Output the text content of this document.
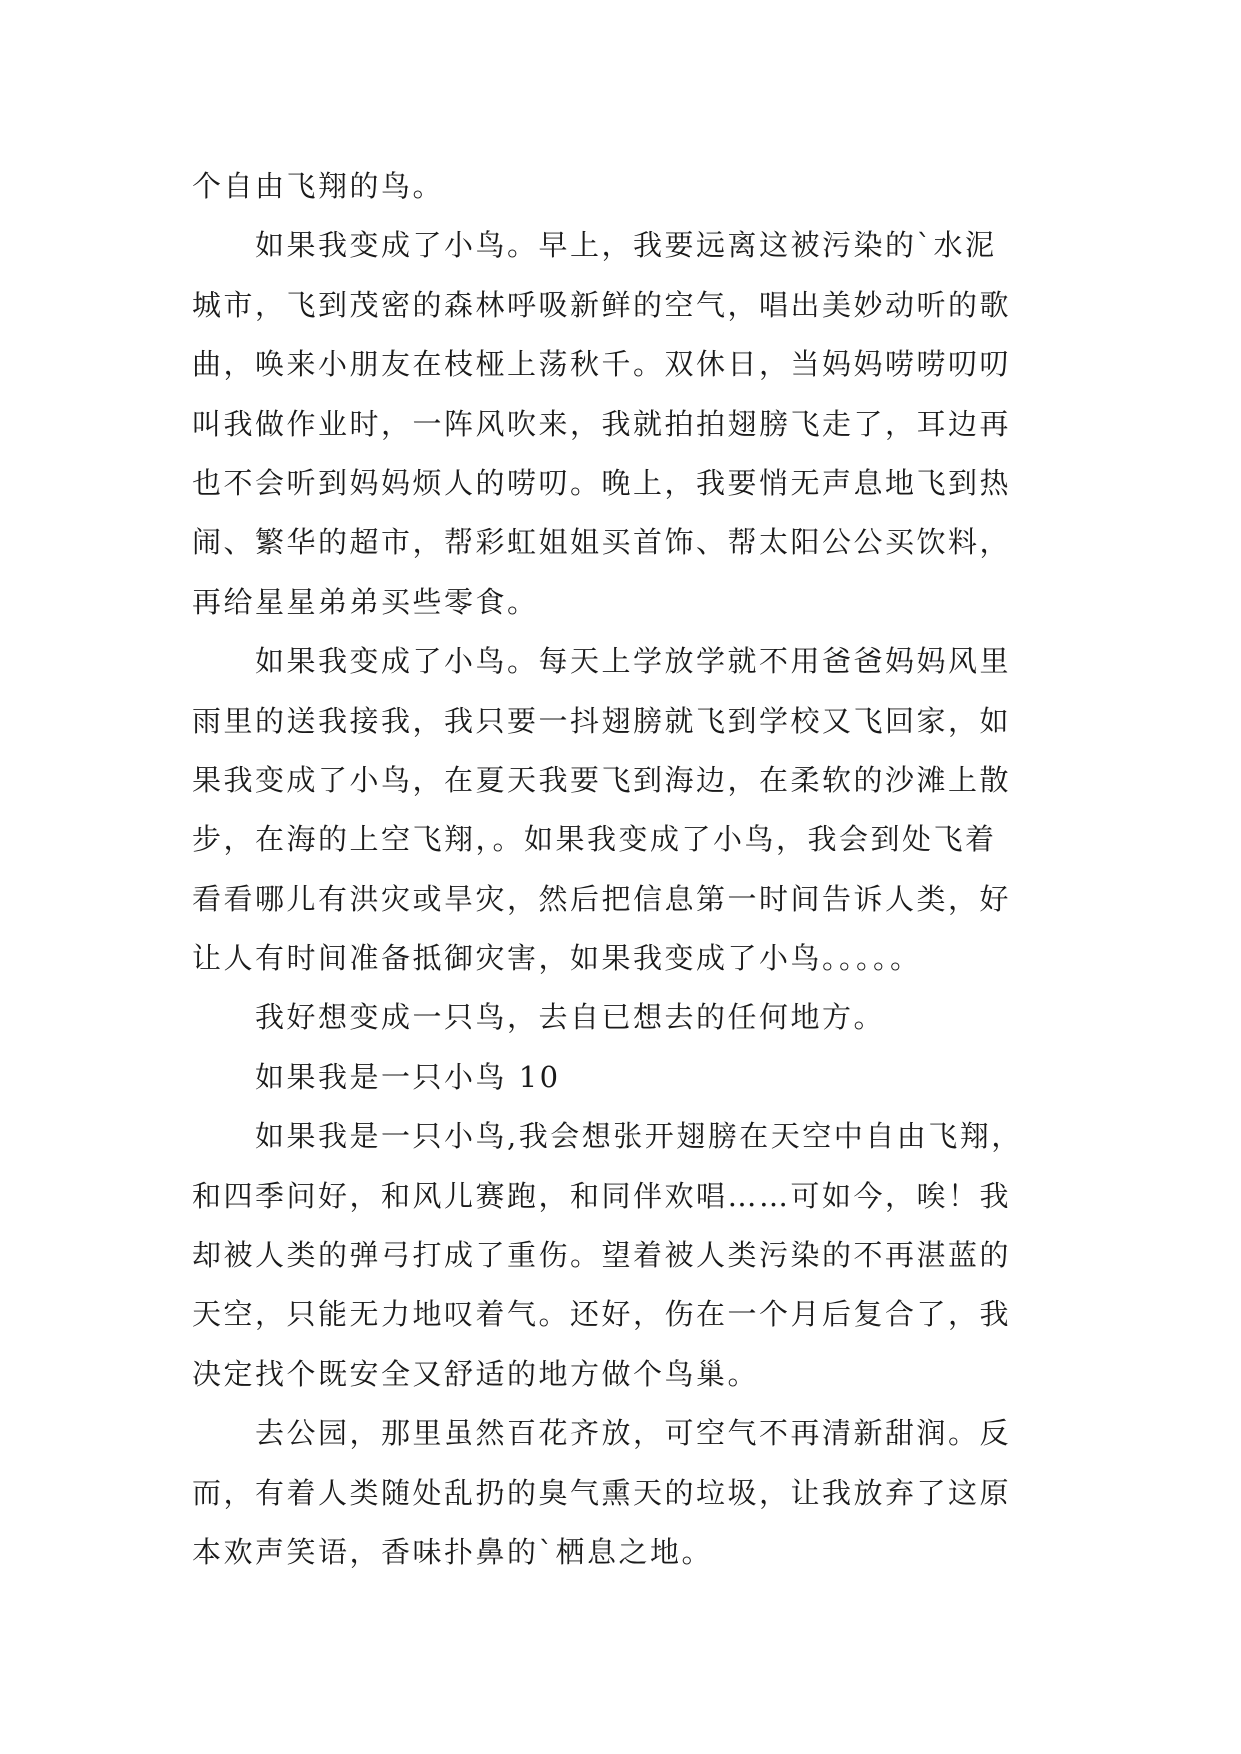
个自由飞翔的鸟。
如果我变成了小鸟。早上，我要远离这被污染的`水泥
城市，飞到茂密的森林呼吸新鲜的空气，唱出美妙动听的歌
曲，唤来小朋友在枝桠上荡秋千。双休日，当妈妈唠唠叨叨
叫我做作业时，一阵风吹来，我就拍拍翅膀飞走了，耳边再
也不会听到妈妈烦人的唠叨。晚上，我要悄无声息地飞到热
闹、繁华的超市，帮彩虹姐姐买首饰、帮太阳公公买饮料，
再给星星弟弟买些零食。
如果我变成了小鸟。每天上学放学就不用爸爸妈妈风里
雨里的送我接我，我只要一抖翅膀就飞到学校又飞回家，如
果我变成了小鸟，在夏天我要飞到海边，在柔软的沙滩上散
步，在海的上空飞翔，。如果我变成了小鸟，我会到处飞着
看看哪儿有洪灾或旱灾，然后把信息第一时间告诉人类，好
让人有时间准备抵御灾害，如果我变成了小鸟。。。。。
我好想变成一只鸟，去自已想去的任何地方。
如果我是一只小鸟 10
如果我是一只小鸟,我会想张开翅膀在天空中自由飞翔，
和四季问好，和风儿赛跑，和同伴欢唱……可如今，唉！我
却被人类的弹弓打成了重伤。望着被人类污染的不再湛蓝的
天空，只能无力地叹着气。还好，伤在一个月后复合了，我
决定找个既安全又舒适的地方做个鸟巢。
去公园，那里虽然百花齐放，可空气不再清新甜润。反
而，有着人类随处乱扔的臭气熏天的垃圾，让我放弃了这原
本欢声笑语，香味扑鼻的`栖息之地。
